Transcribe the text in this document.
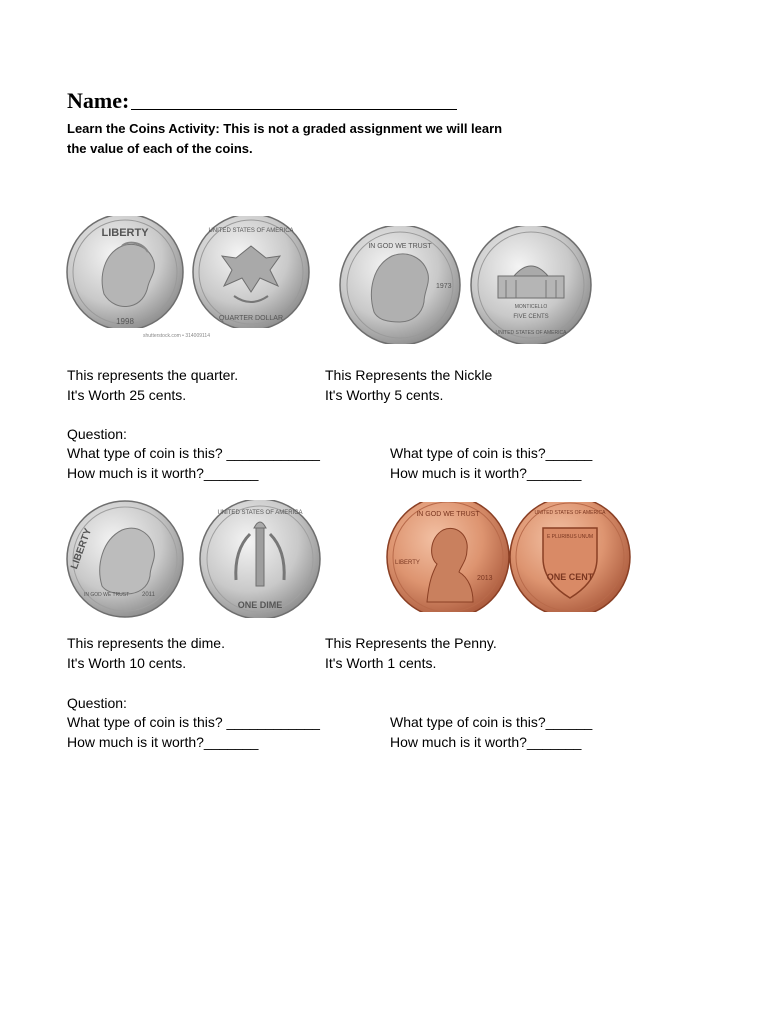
Name:
Learn the Coins Activity: This is not a graded assignment we will learn
the value of each of the coins.
LIBERTY
1998
UNITED STATES OF AMERICA
QUARTER DOLLAR
shutterstock.com • 314009114
IN GOD WE TRUST
1973
MONTICELLO
FIVE CENTS
UNITED STATES OF AMERICA
This represents the quarter.
It's Worth 25 cents.
This Represents the Nickle
It's Worthy 5 cents.
Question:
What type of coin is this? ____________
How much is it worth?_______
What type of coin is this?______
How much is it worth?_______
LIBERTY
IN GOD WE TRUST 2011
UNITED STATES OF AMERICA
ONE DIME
IN GOD WE TRUST
LIBERTY
2013
E PLURIBUS UNUM
ONE CENT
UNITED STATES OF AMERICA
This represents the dime.
It's Worth 10 cents.
This Represents the Penny.
It's Worth 1 cents.
Question:
What type of coin is this? ____________
How much is it worth?_______
What type of coin is this?______
How much is it worth?_______
